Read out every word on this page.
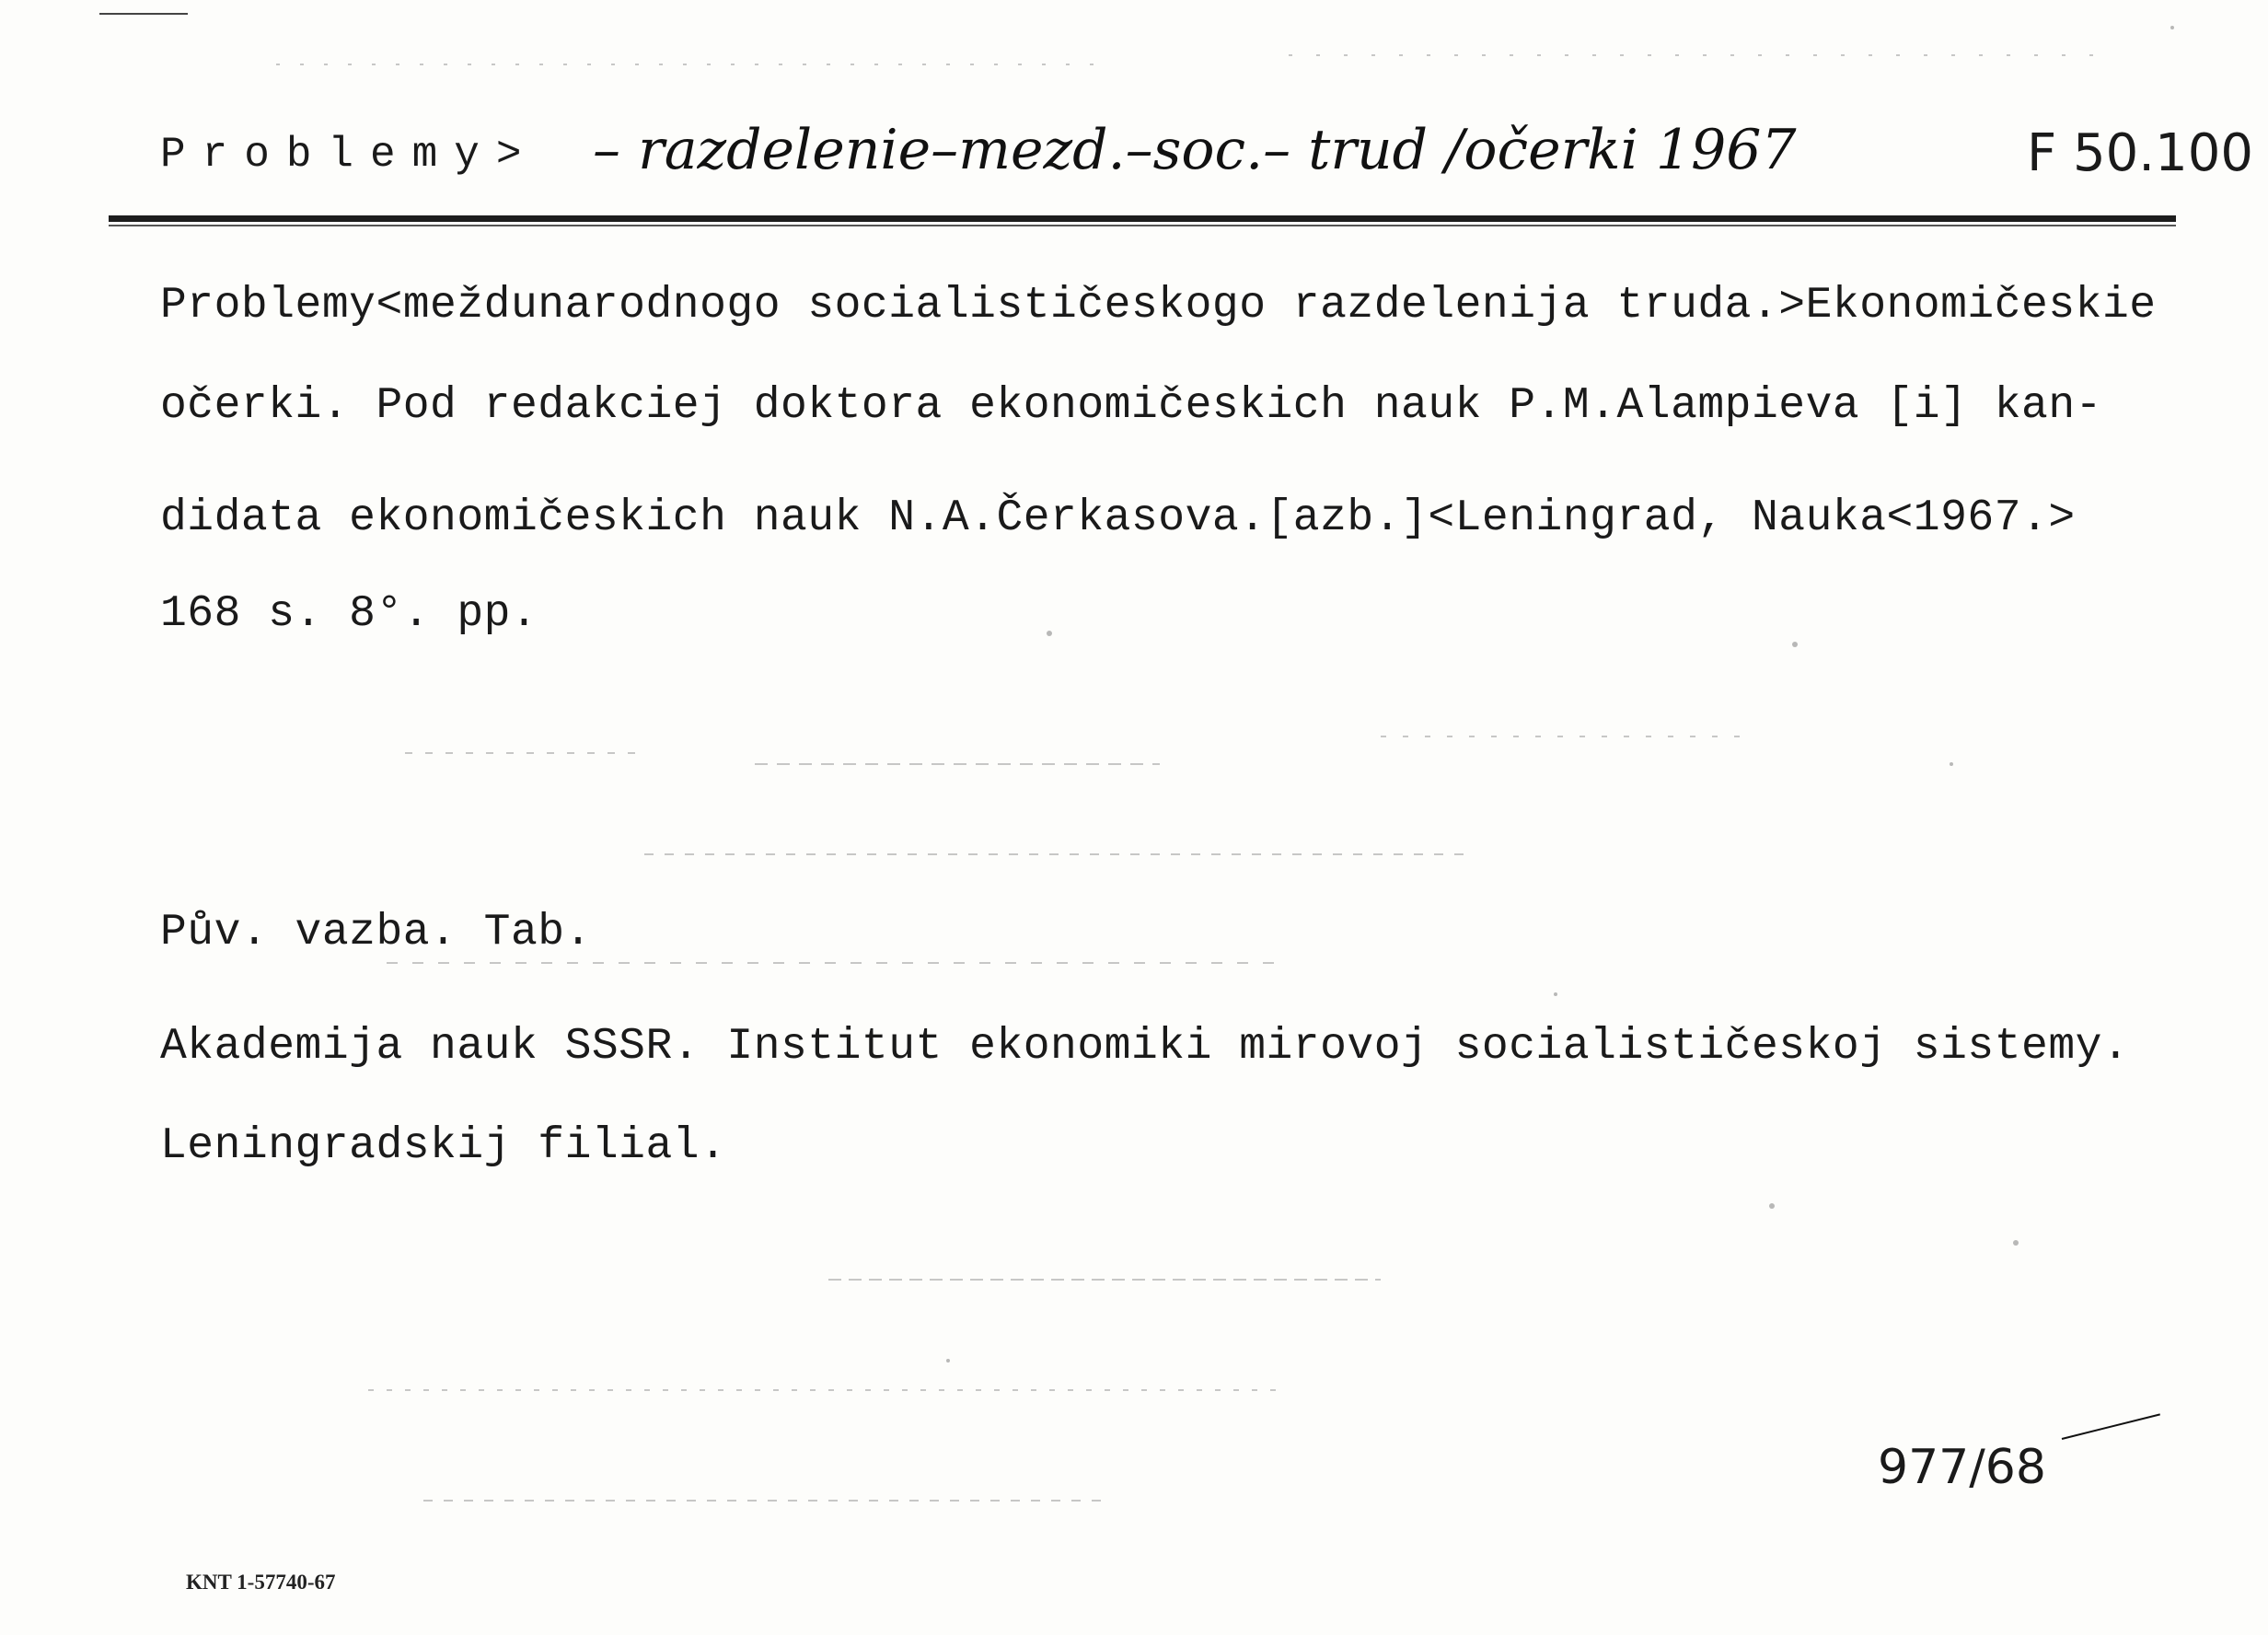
Problemy> – razdelenie–mezd.–soc.– trud /očerki 1967	F 50.100
Problemy<meždunarodnogo socialističeskogo razdelenija truda.>Ekonomičeskie
očerki. Pod redakciej doktora ekonomičeskich nauk P.M.Alampieva [i] kan-
didata ekonomičeskich nauk N.A.Čerkasova.[azb.]<Leningrad, Nauka<1967.>
168 s. 8°. pp.
Pův. vazba. Tab.
Akademija nauk SSSR. Institut ekonomiki mirovoj socialističeskoj sistemy.
Leningradskij filial.
977/68
KNT 1-57740-67
